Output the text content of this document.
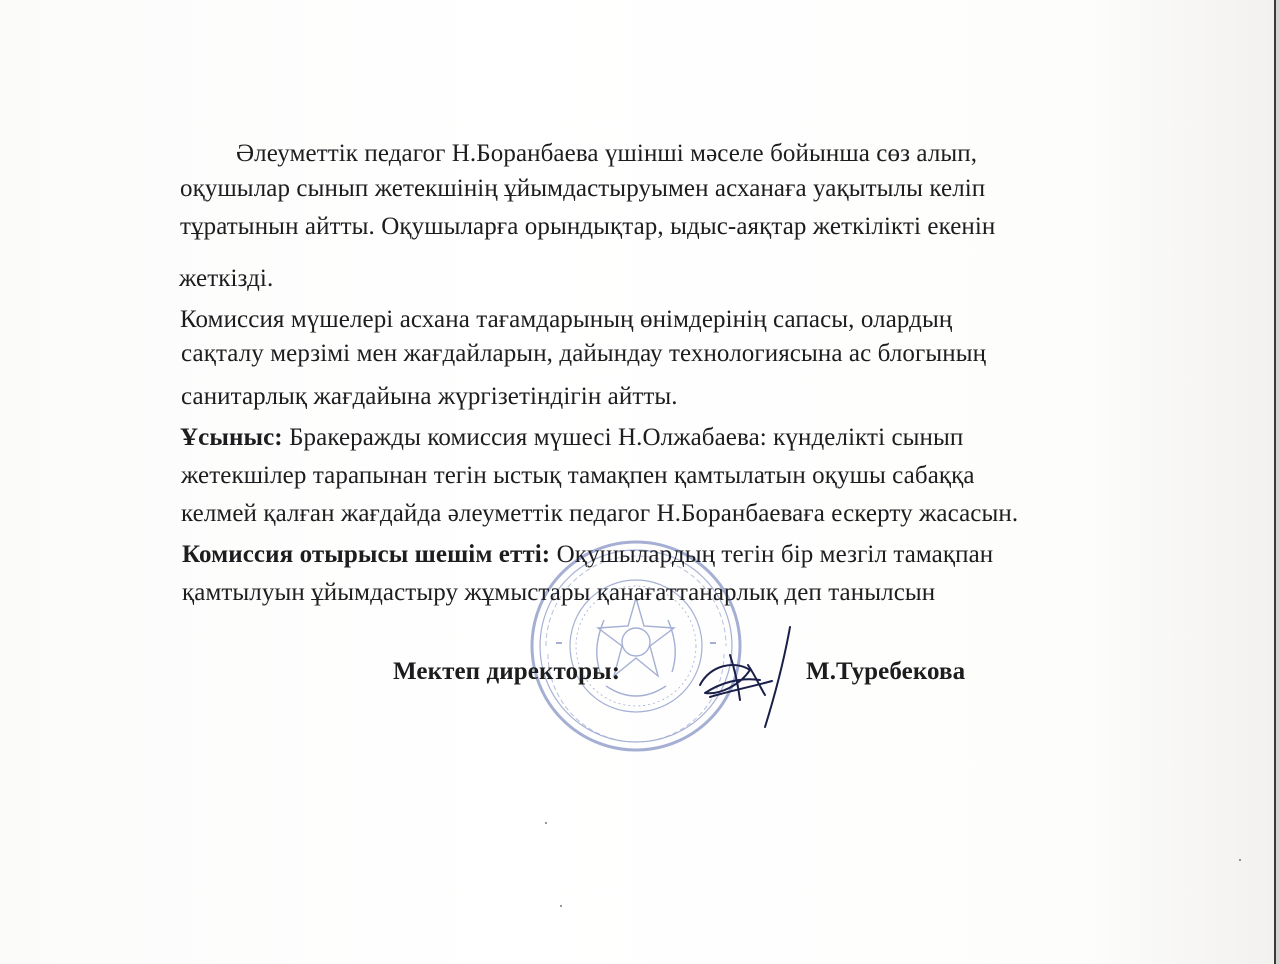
Әлеуметтік педагог Н.Боранбаева үшінші мәселе бойынша сөз алып,
оқушылар сынып жетекшінің ұйымдастыруымен асханаға уақытылы келіп
тұратынын айтты. Оқушыларға орындықтар, ыдыс-аяқтар жеткілікті екенін
жеткізді.
Комиссия мүшелері асхана тағамдарының өнімдерінің сапасы, олардың
сақталу мерзімі мен жағдайларын, дайындау технологиясына ас блогының
санитарлық жағдайына жүргізетіндігін айтты.
Ұсыныс: Бракеражды комиссия мүшесі Н.Олжабаева: күнделікті сынып
жетекшілер тарапынан тегін ыстық тамақпен қамтылатын оқушы сабаққа
келмей қалған жағдайда әлеуметтік педагог Н.Боранбаеваға ескерту жасасын.
Комиссия отырысы шешім етті: Оқушылардың тегін бір мезгіл тамақпан
қамтылуын ұйымдастыру жұмыстары қанағаттанарлық деп танылсын
Мектеп директоры:	М.Туребекова
